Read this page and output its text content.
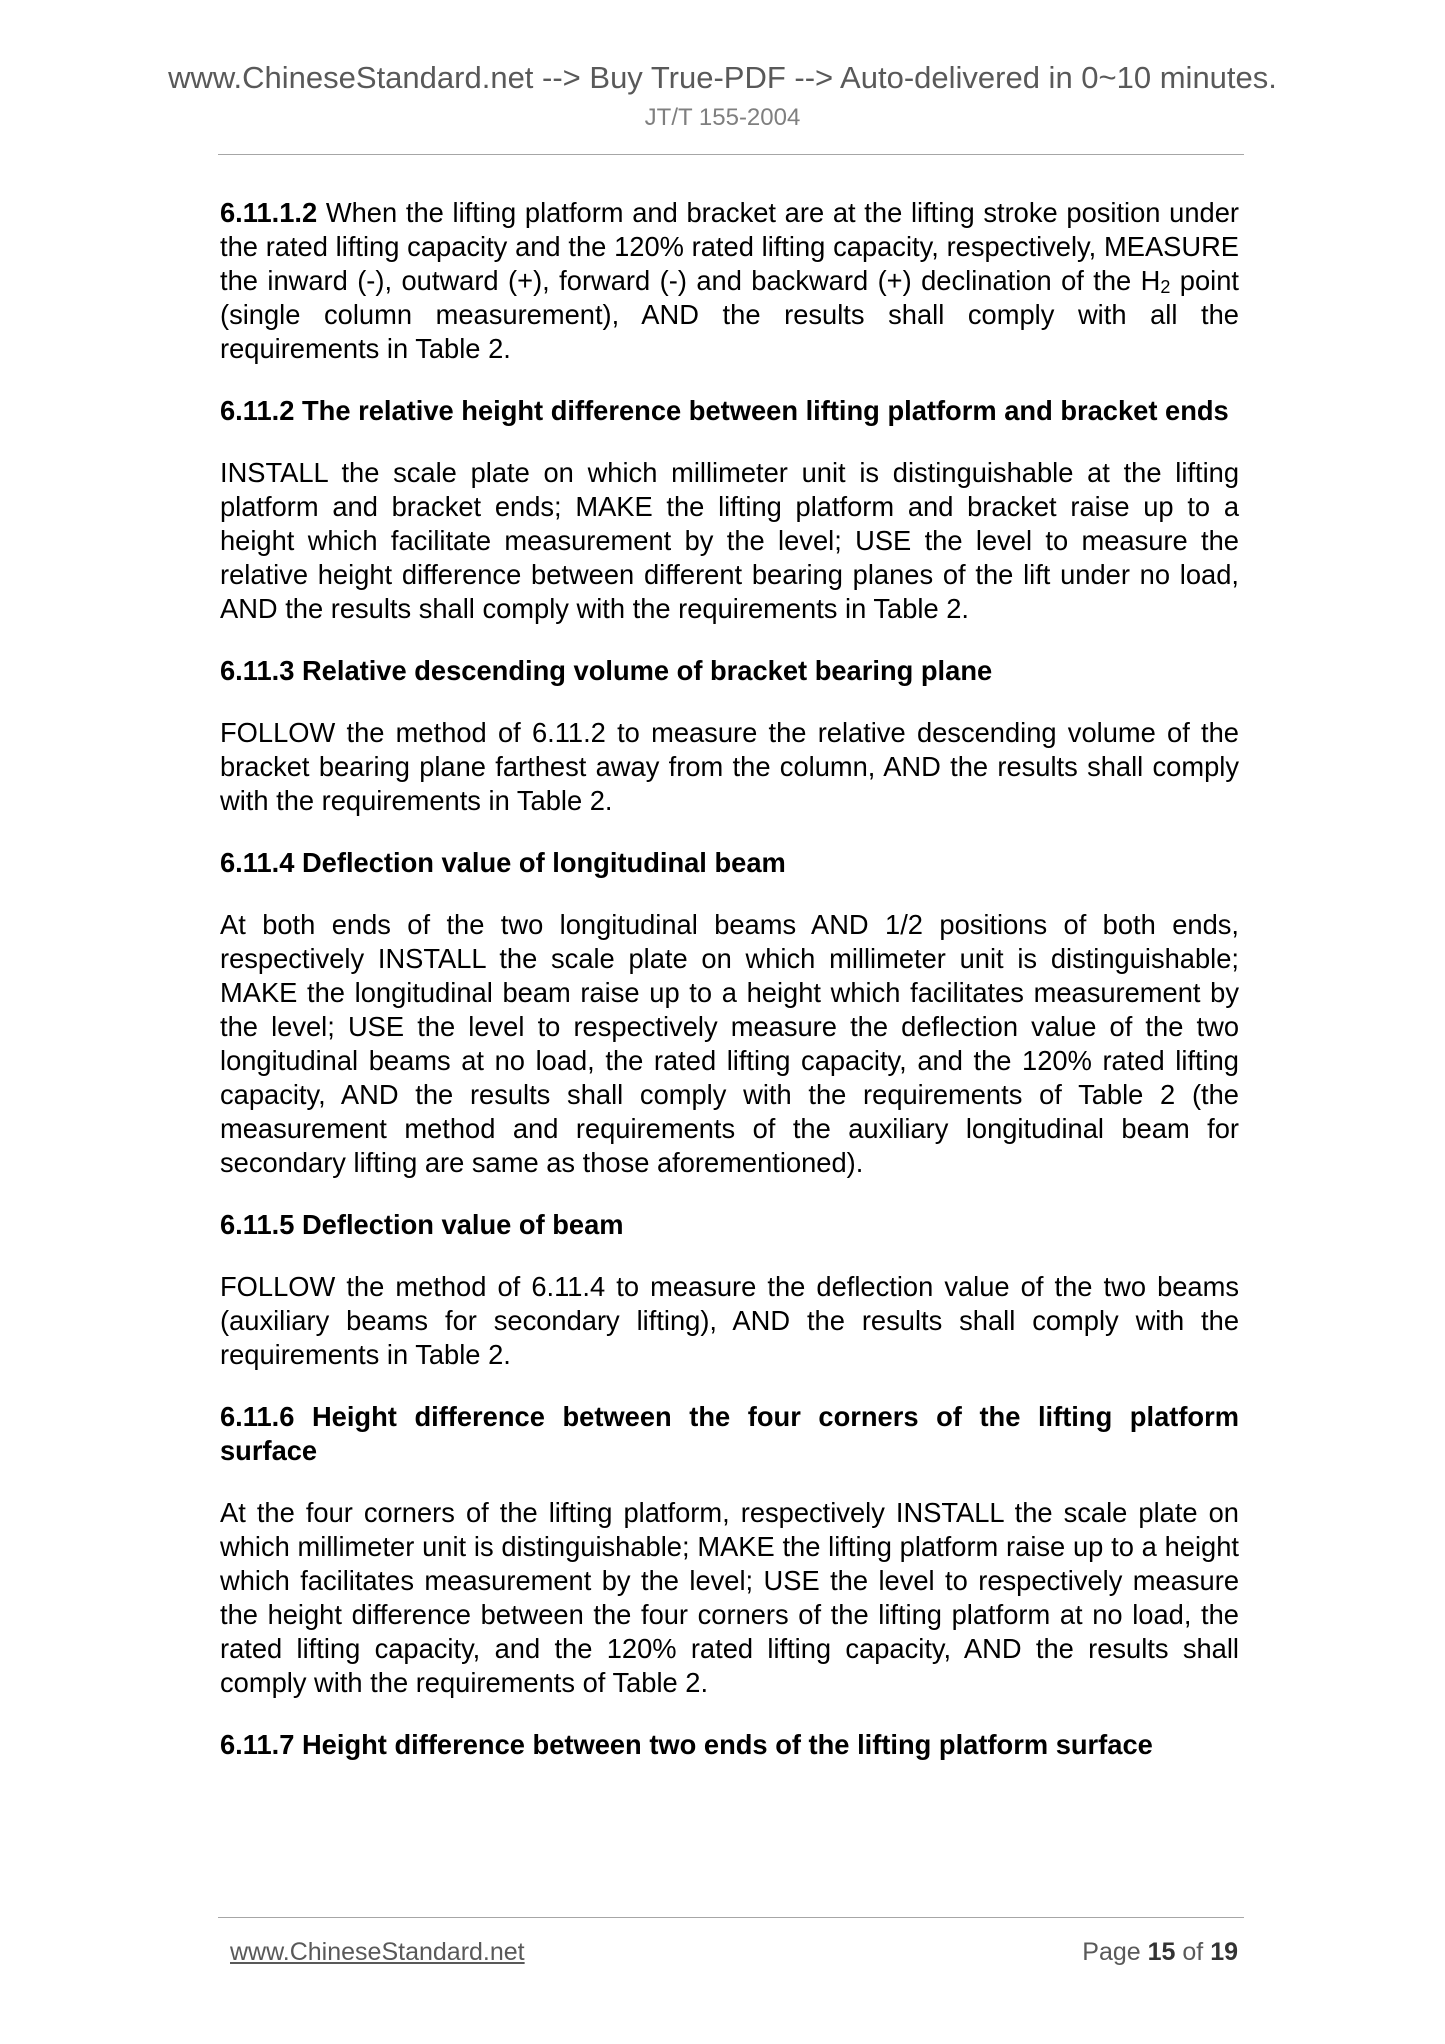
www.ChineseStandard.net --> Buy True-PDF --> Auto-delivered in 0~10 minutes.
JT/T 155-2004

6.11.1.2 When the lifting platform and bracket are at the lifting stroke position under the rated lifting capacity and the 120% rated lifting capacity, respectively, MEASURE the inward (-), outward (+), forward (-) and backward (+) declination of the $H_2$ point (single column measurement), AND the results shall comply with all the requirements in Table 2.

6.11.2 The relative height difference between lifting platform and bracket ends

INSTALL the scale plate on which millimeter unit is distinguishable at the lifting platform and bracket ends; MAKE the lifting platform and bracket raise up to a height which facilitate measurement by the level; USE the level to measure the relative height difference between different bearing planes of the lift under no load, AND the results shall comply with the requirements in Table 2.

6.11.3 Relative descending volume of bracket bearing plane

FOLLOW the method of 6.11.2 to measure the relative descending volume of the bracket bearing plane farthest away from the column, AND the results shall comply with the requirements in Table 2.

6.11.4 Deflection value of longitudinal beam

At both ends of the two longitudinal beams AND 1/2 positions of both ends, respectively INSTALL the scale plate on which millimeter unit is distinguishable; MAKE the longitudinal beam raise up to a height which facilitates measurement by the level; USE the level to respectively measure the deflection value of the two longitudinal beams at no load, the rated lifting capacity, and the 120% rated lifting capacity, AND the results shall comply with the requirements of Table 2 (the measurement method and requirements of the auxiliary longitudinal beam for secondary lifting are same as those aforementioned).

6.11.5 Deflection value of beam

FOLLOW the method of 6.11.4 to measure the deflection value of the two beams (auxiliary beams for secondary lifting), AND the results shall comply with the requirements in Table 2.

6.11.6 Height difference between the four corners of the lifting platform surface

At the four corners of the lifting platform, respectively INSTALL the scale plate on which millimeter unit is distinguishable; MAKE the lifting platform raise up to a height which facilitates measurement by the level; USE the level to respectively measure the height difference between the four corners of the lifting platform at no load, the rated lifting capacity, and the 120% rated lifting capacity, AND the results shall comply with the requirements of Table 2.

6.11.7 Height difference between two ends of the lifting platform surface
www.ChineseStandard.net	Page 15 of 19
